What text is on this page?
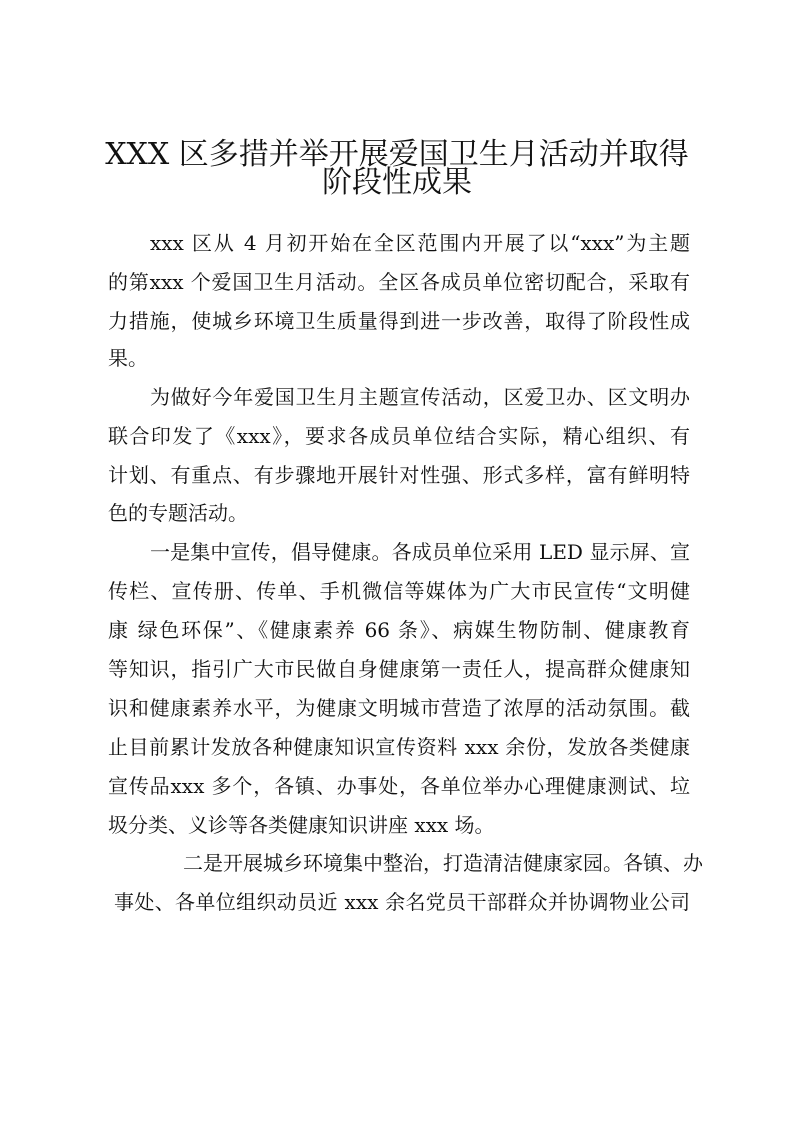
XXX 区多措并举开展爱国卫生月活动并取得
阶段性成果
xxx 区从 4 月初开始在全区范围内开展了以“xxx”为主题
的第xxx 个爱国卫生月活动。全区各成员单位密切配合，采取有
力措施，使城乡环境卫生质量得到进一步改善，取得了阶段性成
果。
为做好今年爱国卫生月主题宣传活动，区爱卫办、区文明办
联合印发了《xxx》，要求各成员单位结合实际，精心组织、有
计划、有重点、有步骤地开展针对性强、形式多样，富有鲜明特
色的专题活动。
一是集中宣传，倡导健康。各成员单位采用 LED 显示屏、宣
传栏、宣传册、传单、手机微信等媒体为广大市民宣传“文明健
康 绿色环保”、《健康素养 66 条》、病媒生物防制、健康教育
等知识，指引广大市民做自身健康第一责任人，提高群众健康知
识和健康素养水平，为健康文明城市营造了浓厚的活动氛围。截
止目前累计发放各种健康知识宣传资料 xxx 余份，发放各类健康
宣传品xxx 多个，各镇、办事处，各单位举办心理健康测试、垃
圾分类、义诊等各类健康知识讲座 xxx 场。
二是开展城乡环境集中整治，打造清洁健康家园。各镇、办
事处、各单位组织动员近 xxx 余名党员干部群众并协调物业公司
